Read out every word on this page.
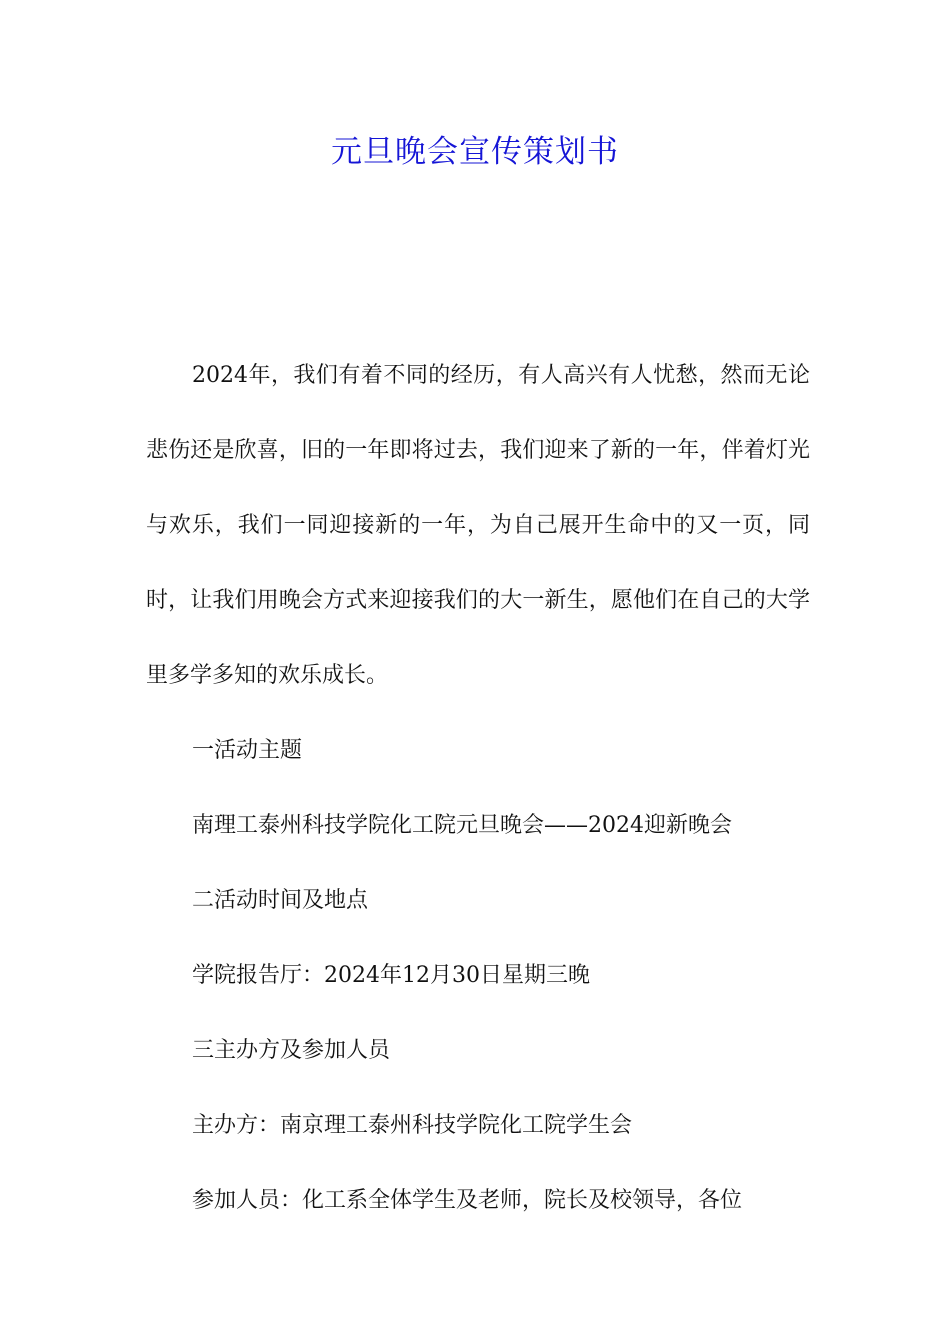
元旦晚会宣传策划书

2024年，我们有着不同的经历，有人高兴有人忧愁，然而无论悲伤还是欣喜，旧的一年即将过去，我们迎来了新的一年，伴着灯光与欢乐，我们一同迎接新的一年，为自己展开生命中的又一页，同时，让我们用晚会方式来迎接我们的大一新生，愿他们在自己的大学里多学多知的欢乐成长。

一活动主题

南理工泰州科技学院化工院元旦晚会——2024迎新晚会

二活动时间及地点

学院报告厅：2024年12月30日星期三晚

三主办方及参加人员

主办方：南京理工泰州科技学院化工院学生会

参加人员：化工系全体学生及老师，院长及校领导，各位
